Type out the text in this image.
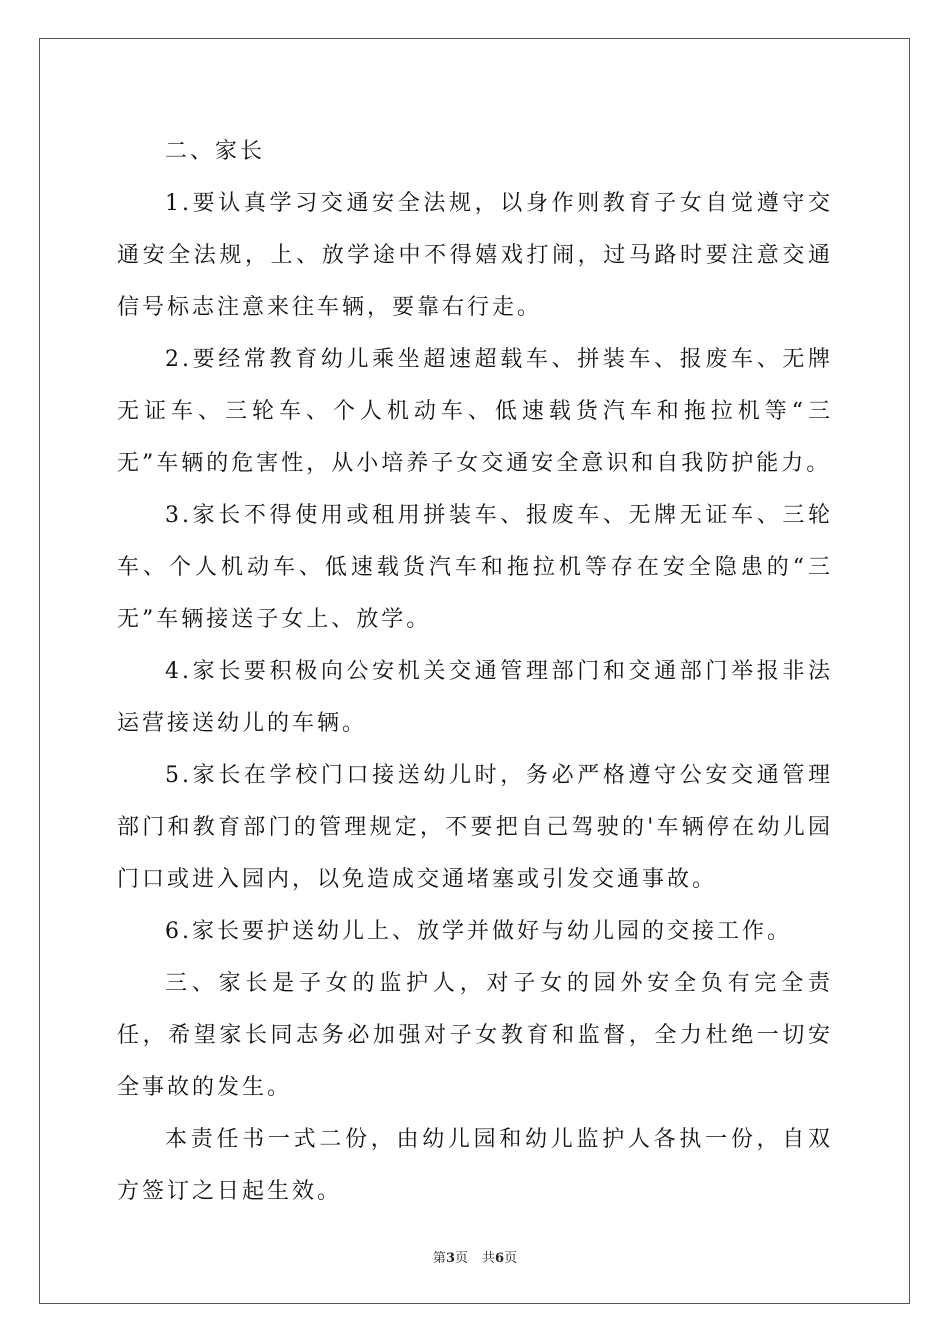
二、家长

1.要认真学习交通安全法规，以身作则教育子女自觉遵守交通安全法规，上、放学途中不得嬉戏打闹，过马路时要注意交通信号标志注意来往车辆，要靠右行走。

2.要经常教育幼儿乘坐超速超载车、拼装车、报废车、无牌无证车、三轮车、个人机动车、低速载货汽车和拖拉机等“三无”车辆的危害性，从小培养子女交通安全意识和自我防护能力。

3.家长不得使用或租用拼装车、报废车、无牌无证车、三轮车、个人机动车、低速载货汽车和拖拉机等存在安全隐患的“三无”车辆接送子女上、放学。

4.家长要积极向公安机关交通管理部门和交通部门举报非法运营接送幼儿的车辆。

5.家长在学校门口接送幼儿时，务必严格遵守公安交通管理部门和教育部门的管理规定，不要把自己驾驶的'车辆停在幼儿园门口或进入园内，以免造成交通堵塞或引发交通事故。

6.家长要护送幼儿上、放学并做好与幼儿园的交接工作。

三、家长是子女的监护人，对子女的园外安全负有完全责任，希望家长同志务必加强对子女教育和监督，全力杜绝一切安全事故的发生。

本责任书一式二份，由幼儿园和幼儿监护人各执一份，自双方签订之日起生效。

第3页 共6页
